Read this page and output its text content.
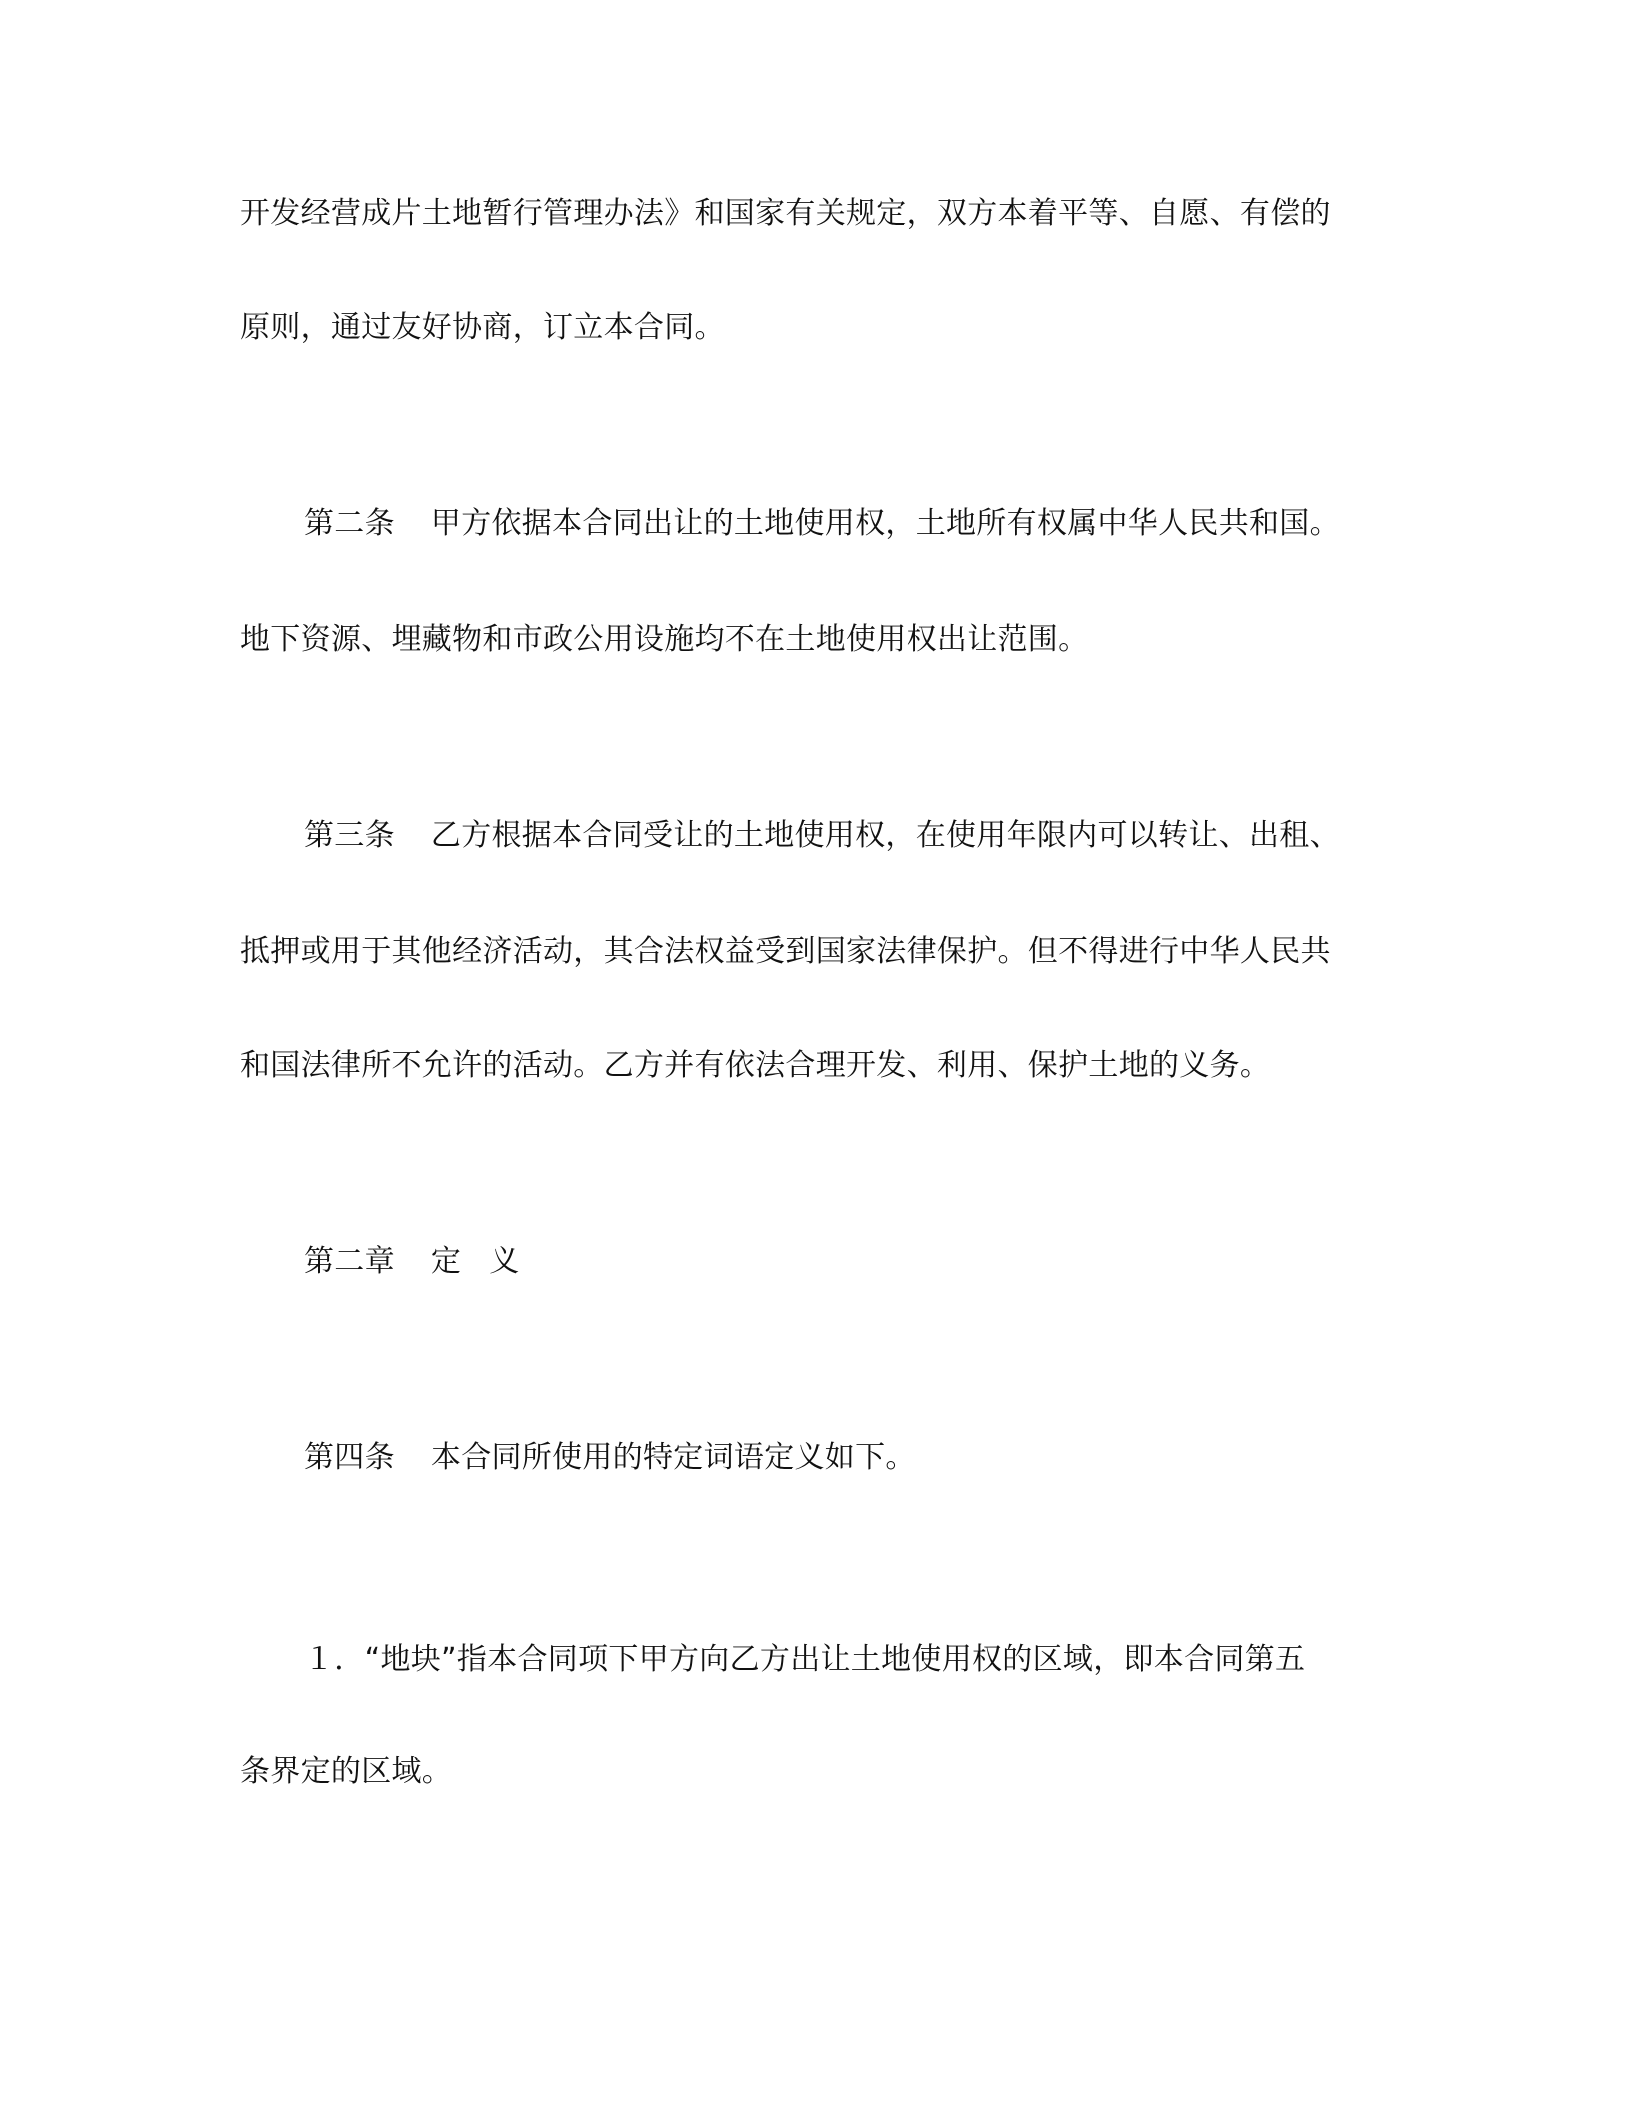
开发经营成片土地暂行管理办法》和国家有关规定，双方本着平等、自愿、有偿的

原则，通过友好协商，订立本合同。

第二条 甲方依据本合同出让的土地使用权，土地所有权属中华人民共和国。

地下资源、埋藏物和市政公用设施均不在土地使用权出让范围。

第三条 乙方根据本合同受让的土地使用权，在使用年限内可以转让、出租、

抵押或用于其他经济活动，其合法权益受到国家法律保护。但不得进行中华人民共

和国法律所不允许的活动。乙方并有依法合理开发、利用、保护土地的义务。

第二章 定 义

第四条 本合同所使用的特定词语定义如下。

１．“地块”指本合同项下甲方向乙方出让土地使用权的区域，即本合同第五

条界定的区域。
